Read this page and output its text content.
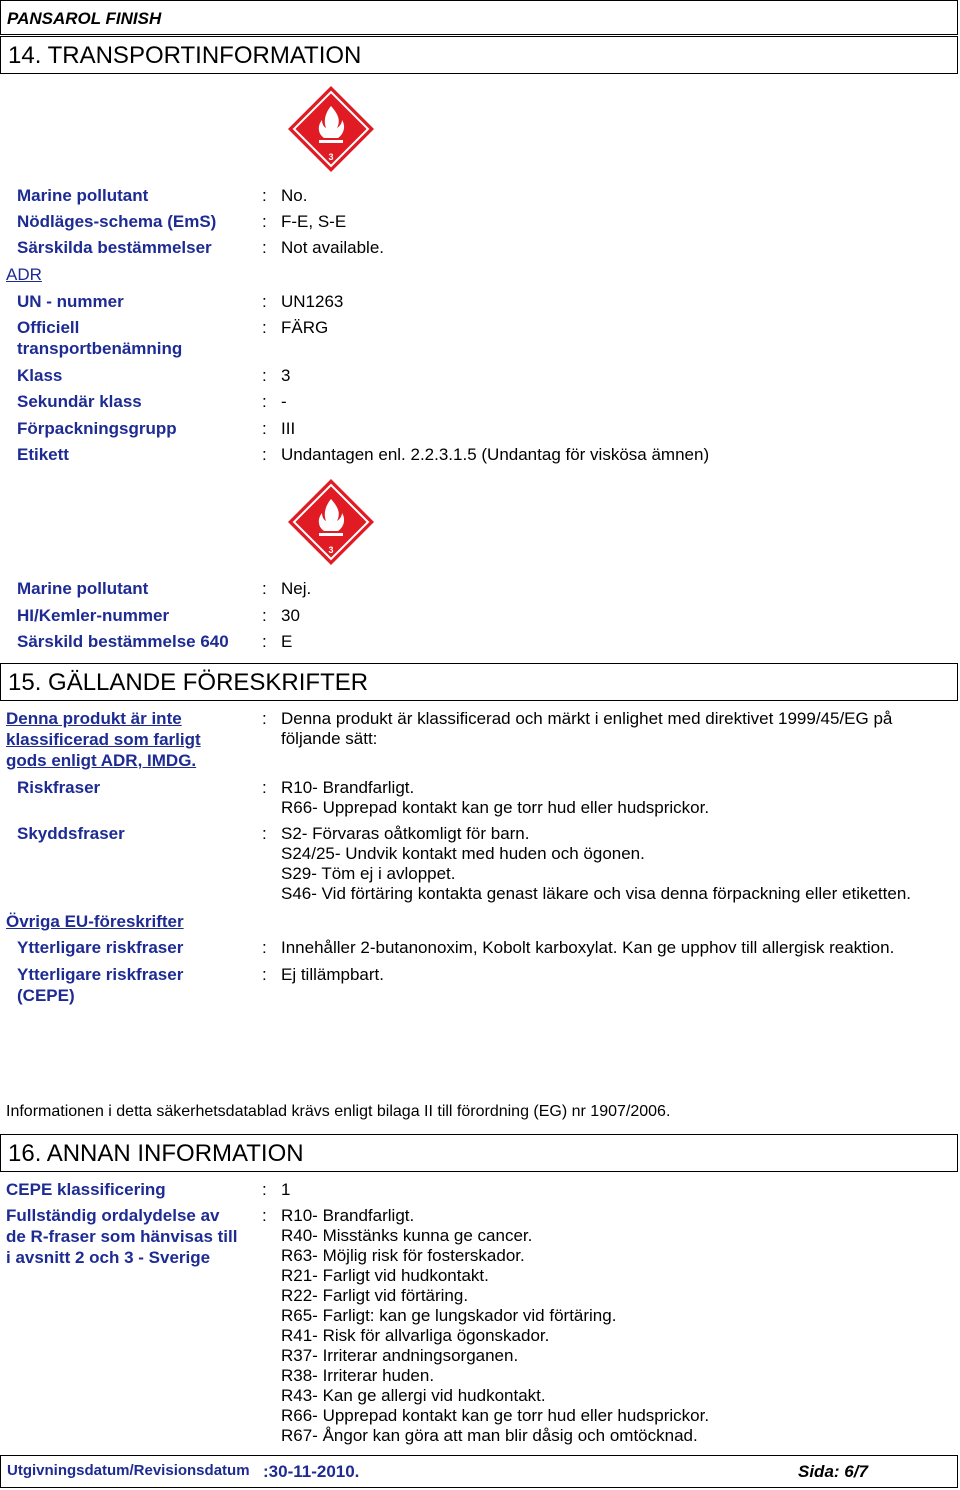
PANSAROL FINISH
14. TRANSPORTINFORMATION
3
Marine pollutant	: No.
Nödläges-schema (EmS)	: F-E, S-E
Särskilda bestämmelser	: Not available.
ADR
UN - nummer	: UN1263
Officiell
transportbenämning
: FÄRG
Klass	: 3
Sekundär klass	: -
Förpackningsgrupp	: III
Etikett	: Undantagen enl. 2.2.3.1.5 (Undantag för viskösa ämnen)
3
Marine pollutant	: Nej.
HI/Kemler-nummer	: 30
Särskild bestämmelse 640 : E
15. GÄLLANDE FÖRESKRIFTER
Denna produkt är inte
klassificerad som farligt
gods enligt ADR, IMDG.
: Denna produkt är klassificerad och märkt i enlighet med direktivet 1999/45/EG på
följande sätt:
Riskfraser	: R10- Brandfarligt.
R66- Upprepad kontakt kan ge torr hud eller hudsprickor.
Skyddsfraser	: S2- Förvaras oåtkomligt för barn.
S24/25- Undvik kontakt med huden och ögonen.
S29- Töm ej i avloppet.
S46- Vid förtäring kontakta genast läkare och visa denna förpackning eller etiketten.
Övriga EU-föreskrifter
Ytterligare riskfraser	: Innehåller 2-butanonoxim, Kobolt karboxylat. Kan ge upphov till allergisk reaktion.
Ytterligare riskfraser
(CEPE)
: Ej tillämpbart.
Informationen i detta säkerhetsdatablad krävs enligt bilaga II till förordning (EG) nr 1907/2006.
16. ANNAN INFORMATION
CEPE klassificering	: 1
Fullständig ordalydelse av
de R-fraser som hänvisas till
i avsnitt 2 och 3 - Sverige
: R10- Brandfarligt.
R40- Misstänks kunna ge cancer.
R63- Möjlig risk för fosterskador.
R21- Farligt vid hudkontakt.
R22- Farligt vid förtäring.
R65- Farligt: kan ge lungskador vid förtäring.
R41- Risk för allvarliga ögonskador.
R37- Irriterar andningsorganen.
R38- Irriterar huden.
R43- Kan ge allergi vid hudkontakt.
R66- Upprepad kontakt kan ge torr hud eller hudsprickor.
R67- Ångor kan göra att man blir dåsig och omtöcknad.
Utgivningsdatum/Revisionsdatum :30-11-2010.	Sida: 6/7
